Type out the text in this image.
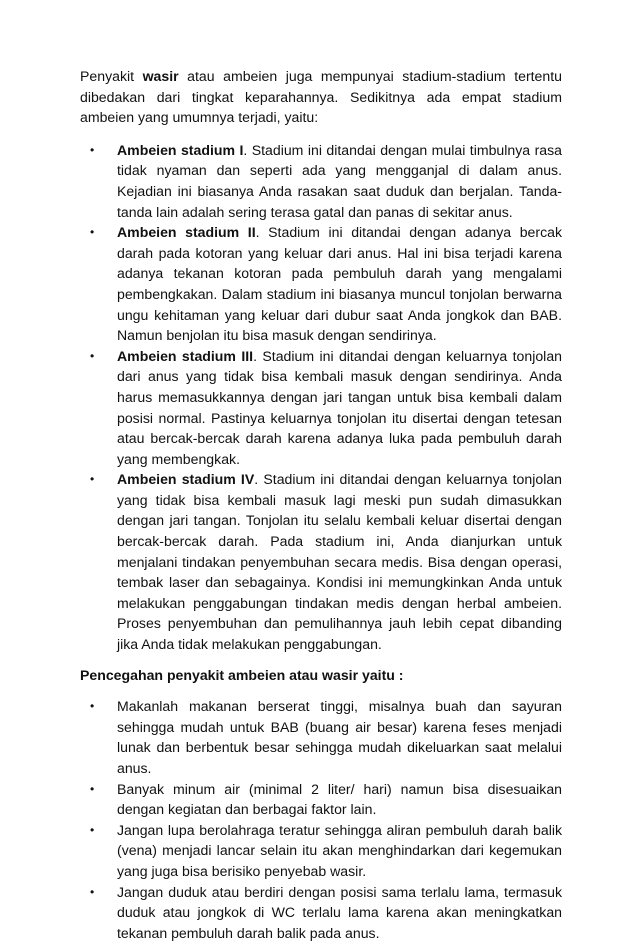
Penyakit wasir atau ambeien juga mempunyai stadium-stadium tertentu dibedakan dari tingkat keparahannya. Sedikitnya ada empat stadium ambeien yang umumnya terjadi, yaitu:

• Ambeien stadium I. Stadium ini ditandai dengan mulai timbulnya rasa tidak nyaman dan seperti ada yang mengganjal di dalam anus. Kejadian ini biasanya Anda rasakan saat duduk dan berjalan. Tanda-tanda lain adalah sering terasa gatal dan panas di sekitar anus.
• Ambeien stadium II. Stadium ini ditandai dengan adanya bercak darah pada kotoran yang keluar dari anus. Hal ini bisa terjadi karena adanya tekanan kotoran pada pembuluh darah yang mengalami pembengkakan. Dalam stadium ini biasanya muncul tonjolan berwarna ungu kehitaman yang keluar dari dubur saat Anda jongkok dan BAB. Namun benjolan itu bisa masuk dengan sendirinya.
• Ambeien stadium III. Stadium ini ditandai dengan keluarnya tonjolan dari anus yang tidak bisa kembali masuk dengan sendirinya. Anda harus memasukkannya dengan jari tangan untuk bisa kembali dalam posisi normal. Pastinya keluarnya tonjolan itu disertai dengan tetesan atau bercak-bercak darah karena adanya luka pada pembuluh darah yang membengkak.
• Ambeien stadium IV. Stadium ini ditandai dengan keluarnya tonjolan yang tidak bisa kembali masuk lagi meski pun sudah dimasukkan dengan jari tangan. Tonjolan itu selalu kembali keluar disertai dengan bercak-bercak darah. Pada stadium ini, Anda dianjurkan untuk menjalani tindakan penyembuhan secara medis. Bisa dengan operasi, tembak laser dan sebagainya. Kondisi ini memungkinkan Anda untuk melakukan penggabungan tindakan medis dengan herbal ambeien. Proses penyembuhan dan pemulihannya jauh lebih cepat dibanding jika Anda tidak melakukan penggabungan.

Pencegahan penyakit ambeien atau wasir yaitu :

• Makanlah makanan berserat tinggi, misalnya buah dan sayuran sehingga mudah untuk BAB (buang air besar) karena feses menjadi lunak dan berbentuk besar sehingga mudah dikeluarkan saat melalui anus.
• Banyak minum air (minimal 2 liter/ hari) namun bisa disesuaikan dengan kegiatan dan berbagai faktor lain.
• Jangan lupa berolahraga teratur sehingga aliran pembuluh darah balik (vena) menjadi lancar selain itu akan menghindarkan dari kegemukan yang juga bisa berisiko penyebab wasir.
• Jangan duduk atau berdiri dengan posisi sama terlalu lama, termasuk duduk atau jongkok di WC terlalu lama karena akan meningkatkan tekanan pembuluh darah balik pada anus.
